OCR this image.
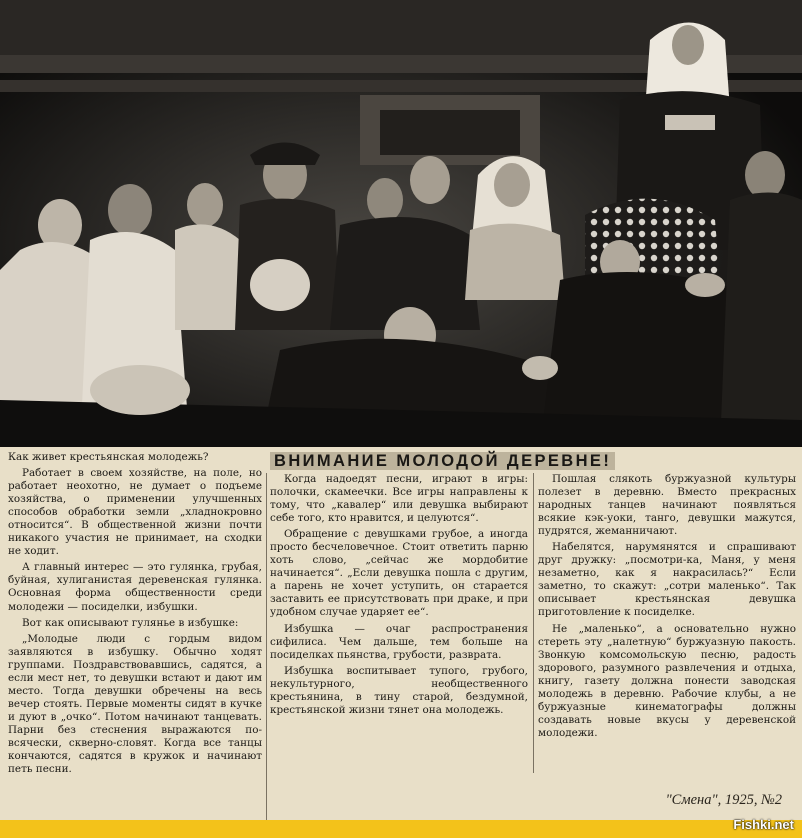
Как живет крестьянская молодежь?

Работает в своем хозяйстве, на поле, но работает неохотно, не думает о подъеме хозяйства, о применении улучшенных способов обработки земли „хладнокровно относится“. В общественной жизни почти никакого участия не принимает, на сходки не ходит.

А главный интерес — это гулянка, грубая, буйная, хулиганистая деревенская гулянка. Основная форма общественности среди молодежи — посиделки, избушки.

Вот как описывают гулянье в избушке:

„Молодые люди с гордым видом заявляются в избушку. Обычно ходят группами. Поздравствовавшись, садятся, а если мест нет, то девушки встают и дают им место. Тогда девушки обречены на весь вечер стоять. Первые моменты сидят в кучке и дуют в „очко“. Потом начинают танцевать. Парни без стеснения выражаются по-всячески, скверно-словят. Когда все танцы кончаются, садятся в кружок и начинают петь песни.

ВНИМАНИЕ МОЛОДОЙ ДЕРЕВНЕ!

Когда надоедят песни, играют в игры: полочки, скамеечки. Все игры направлены к тому, что „кавалер“ или девушка выбирают себе того, кто нравится, и целуются“.

Обращение с девушками грубое, а иногда просто бесчеловечное. Стоит ответить парню хоть слово, „сейчас же мордобитие начинается“. „Если девушка пошла с другим, а парень не хочет уступить, он старается заставить ее присутствовать при драке, и при удобном случае ударяет ее“.

Избушка — очаг распространения сифилиса. Чем дальше, тем больше на посиделках пьянства, грубости, разврата.

Избушка воспитывает тупого, грубого, некультурного, необщественного крестьянина, в тину старой, бездумной, крестьянской жизни тянет она молодежь.

Пошлая слякоть буржуазной культуры полезет в деревню. Вместо прекрасных народных танцев начинают появляться всякие кэк-уоки, танго, девушки мажутся, пудрятся, жеманничают.

Набелятся, нарумянятся и спрашивают друг дружку: „посмотри-ка, Маня, у меня незаметно, как я накрасилась?“ Если заметно, то скажут: „сотри маленько“. Так описывает крестьянская девушка приготовление к посиделке.

Не „маленько“, а основательно нужно стереть эту „налетную“ буржуазную пакость. Звонкую комсомольскую песню, радость здорового, разумного развлечения и отдыха, книгу, газету должна понести заводская молодежь в деревню. Рабочие клубы, а не буржуазные кинематографы должны создавать новые вкусы у деревенской молодежи.

"Смена", 1925, №2
Fishki.net
